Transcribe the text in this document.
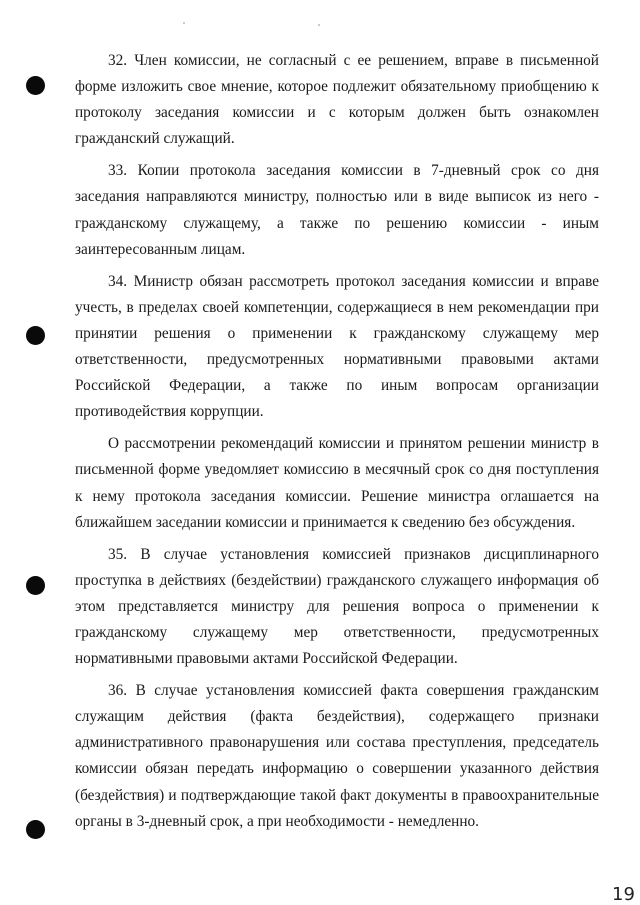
32. Член комиссии, не согласный с ее решением, вправе в письменной форме изложить свое мнение, которое подлежит обязательному приобщению к протоколу заседания комиссии и с которым должен быть ознакомлен гражданский служащий.

33. Копии протокола заседания комиссии в 7-дневный срок со дня заседания направляются министру, полностью или в виде выписок из него - гражданскому служащему, а также по решению комиссии - иным заинтересованным лицам.

34. Министр обязан рассмотреть протокол заседания комиссии и вправе учесть, в пределах своей компетенции, содержащиеся в нем рекомендации при принятии решения о применении к гражданскому служащему мер ответственности, предусмотренных нормативными правовыми актами Российской Федерации, а также по иным вопросам организации противодействия коррупции.

О рассмотрении рекомендаций комиссии и принятом решении министр в письменной форме уведомляет комиссию в месячный срок со дня поступления к нему протокола заседания комиссии. Решение министра оглашается на ближайшем заседании комиссии и принимается к сведению без обсуждения.

35. В случае установления комиссией признаков дисциплинарного проступка в действиях (бездействии) гражданского служащего информация об этом представляется министру для решения вопроса о применении к гражданскому служащему мер ответственности, предусмотренных нормативными правовыми актами Российской Федерации.

36. В случае установления комиссией факта совершения гражданским служащим действия (факта бездействия), содержащего признаки административного правонарушения или состава преступления, председатель комиссии обязан передать информацию о совершении указанного действия (бездействия) и подтверждающие такой факт документы в правоохранительные органы в 3-дневный срок, а при необходимости - немедленно.

19
